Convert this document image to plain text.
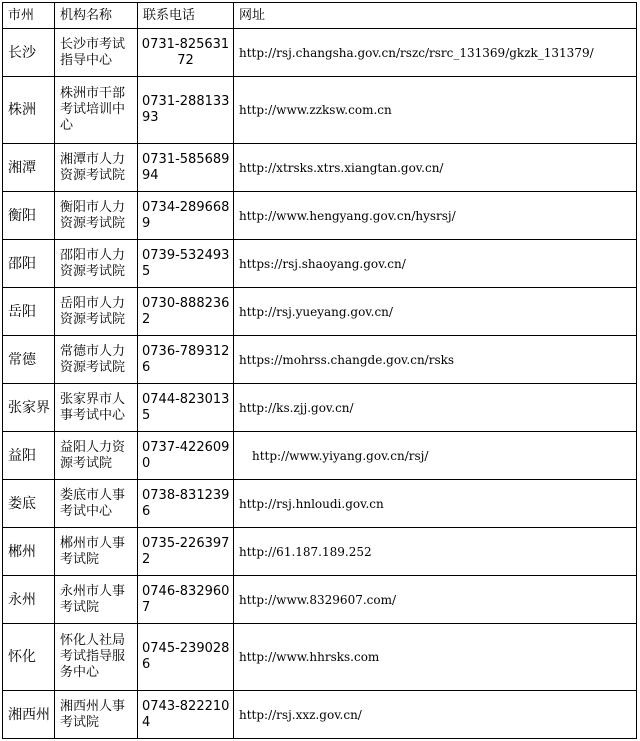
市州	机构名称	联系电话	网址
长沙	长沙市考试指导中心	0731-82563172	http://rsj.changsha.gov.cn/rszc/rsrc_131369/gkzk_131379/
株洲	株洲市干部考试培训中心	0731-28813393	http://www.zzksw.com.cn
湘潭	湘潭市人力资源考试院	0731-58568994	http://xtrsks.xtrs.xiangtan.gov.cn/
衡阳	衡阳市人力资源考试院	0734-2896689	http://www.hengyang.gov.cn/hysrsj/
邵阳	邵阳市人力资源考试院	0739-5324935	https://rsj.shaoyang.gov.cn/
岳阳	岳阳市人力资源考试院	0730-8882362	http://rsj.yueyang.gov.cn/
常德	常德市人力资源考试院	0736-7893126	https://mohrss.changde.gov.cn/rsks
张家界	张家界市人事考试中心	0744-8230135	http://ks.zjj.gov.cn/
益阳	益阳人力资源考试院	0737-4226090	http://www.yiyang.gov.cn/rsj/
娄底	娄底市人事考试中心	0738-8312396	http://rsj.hnloudi.gov.cn
郴州	郴州市人事考试院	0735-2263972	http://61.187.189.252
永州	永州市人事考试院	0746-8329607	http://www.8329607.com/
怀化	怀化人社局考试指导服务中心	0745-2390286	http://www.hhrsks.com
湘西州	湘西州人事考试院	0743-8222104	http://rsj.xxz.gov.cn/
